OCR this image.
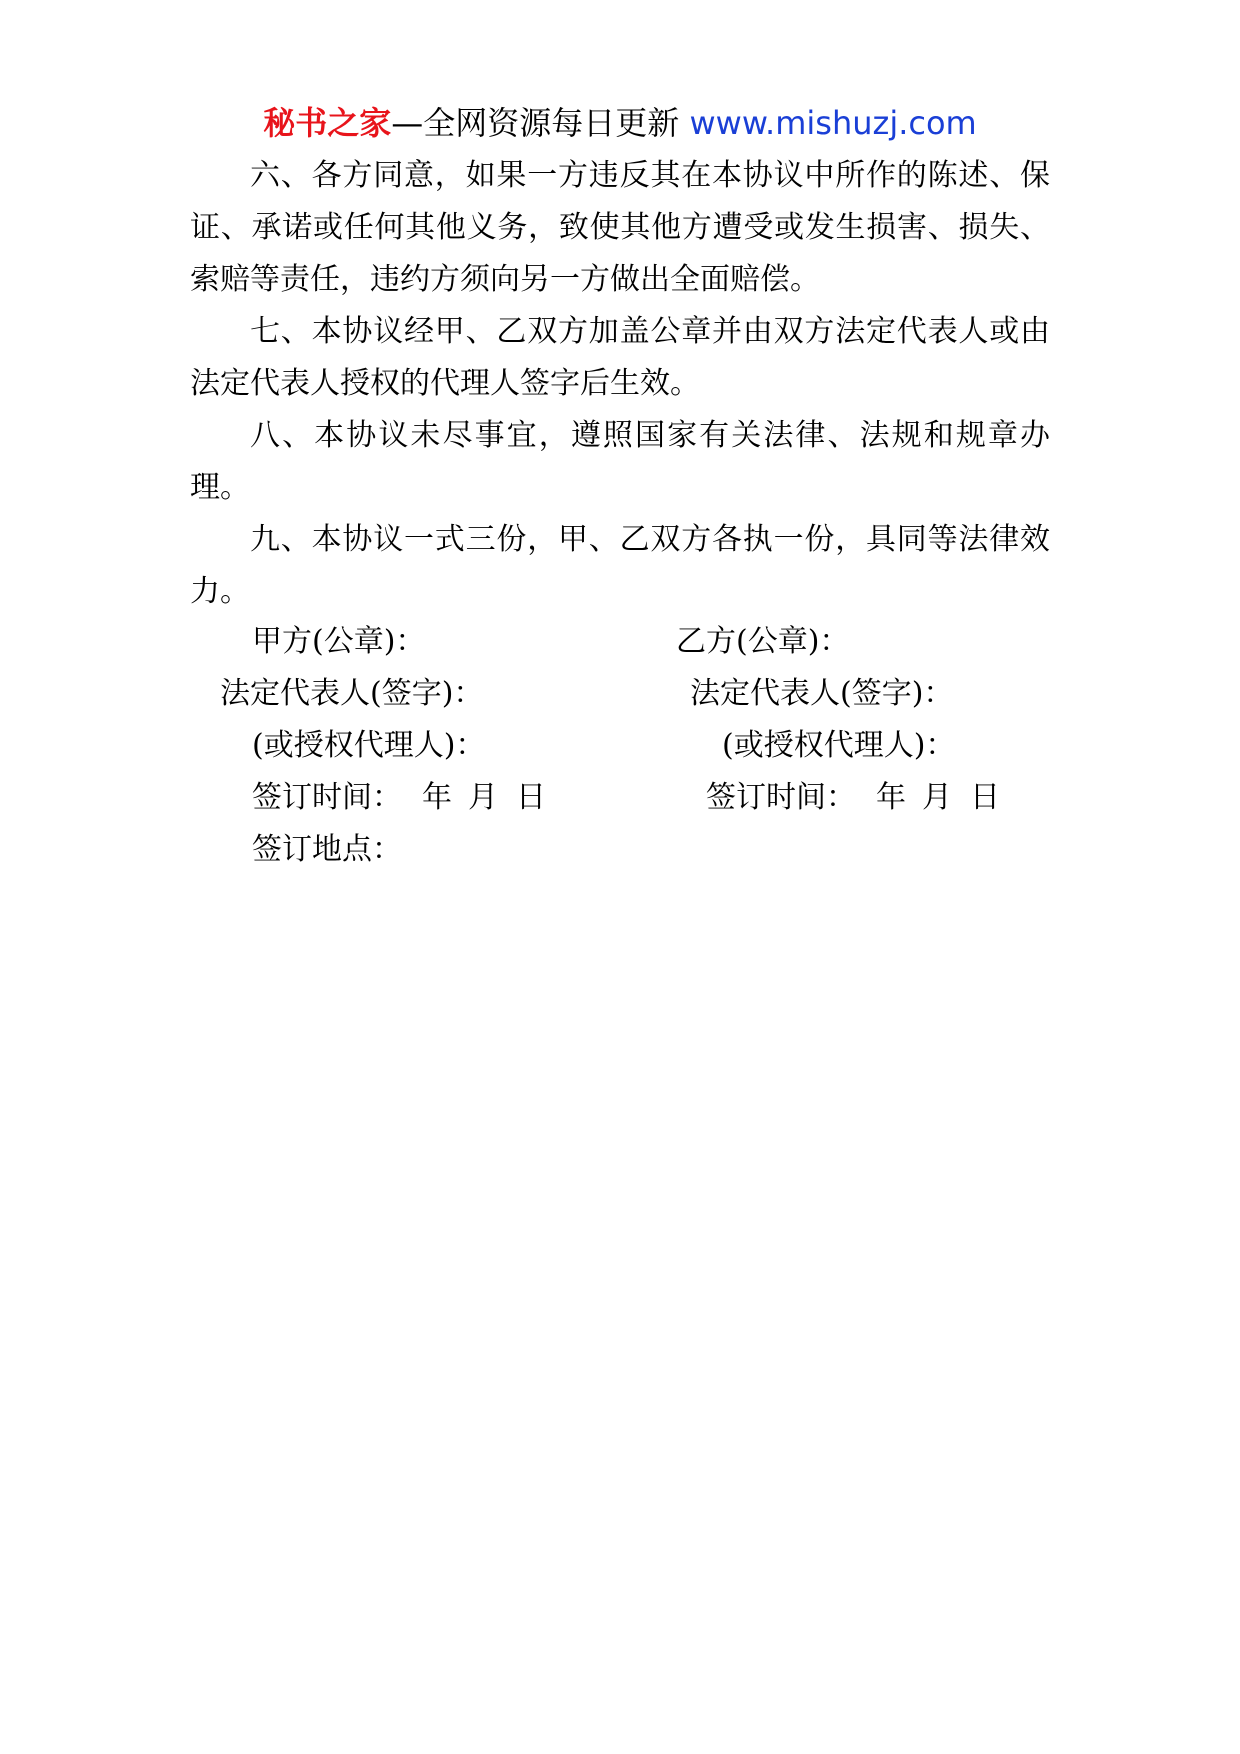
秘书之家—全网资源每日更新 www.mishuzj.com

六、各方同意，如果一方违反其在本协议中所作的陈述、保证、承诺或任何其他义务，致使其他方遭受或发生损害、损失、索赔等责任，违约方须向另一方做出全面赔偿。

七、本协议经甲、乙双方加盖公章并由双方法定代表人或由法定代表人授权的代理人签字后生效。

八、本协议未尽事宜，遵照国家有关法律、法规和规章办理。

九、本协议一式三份，甲、乙双方各执一份，具同等法律效力。

甲方(公章)：	乙方(公章)：
法定代表人(签字)：	法定代表人(签字)：
(或授权代理人)：	(或授权代理人)：
签订时间： 年 月 日	签订时间： 年 月 日
签订地点：
